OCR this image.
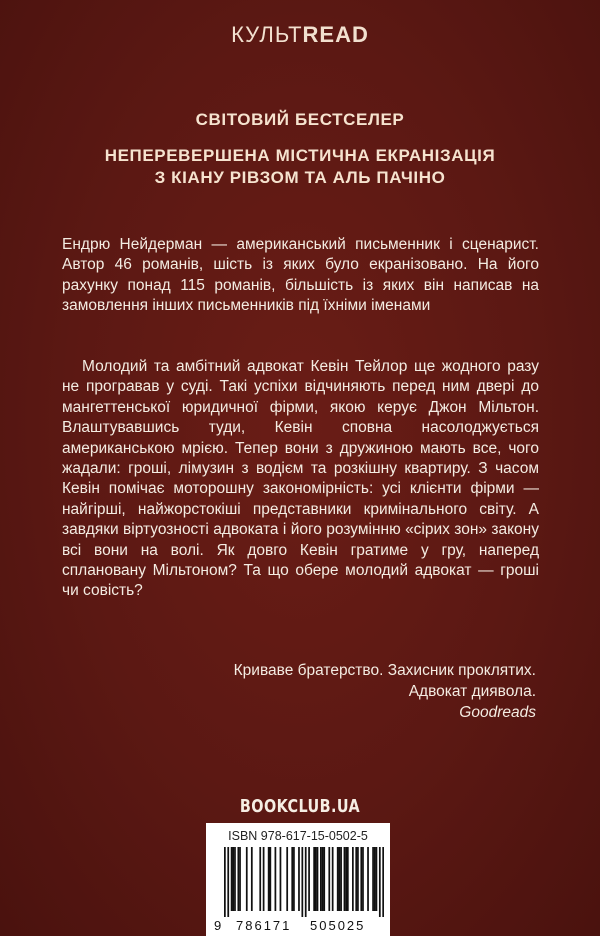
КУЛЬТREAD
СВІТОВИЙ БЕСТСЕЛЕР
НЕПЕРЕВЕРШЕНА МІСТИЧНА ЕКРАНІЗАЦІЯ
З КІАНУ РІВЗОМ ТА АЛЬ ПАЧІНО

Ендрю Нейдерман — американський письменник і сценарист. Автор 46 романів, шість із яких було екранізовано. На його рахунку понад 115 романів, більшість із яких він написав на замовлення інших письменників під їхніми іменами

Молодий та амбітний адвокат Кевін Тейлор ще жодного разу не програвав у суді. Такі успіхи відчиняють перед ним двері до мангеттенської юридичної фірми, якою керує Джон Мільтон. Влаштувавшись туди, Кевін сповна насолоджується американською мрією. Тепер вони з дружиною мають все, чого жадали: гроші, лімузин з водієм та розкішну квартиру. З часом Кевін помічає моторошну закономірність: усі клієнти фірми — найгірші, найжорстокіші представники кримінального світу. А завдяки віртуозності адвоката і його розумінню «сірих зон» закону всі вони на волі. Як довго Кевін гратиме у гру, наперед сплановану Мільтоном? Та що обере молодий адвокат — гроші чи совість?

Криваве братерство. Захисник проклятих.
Адвокат диявола.
Goodreads
BOOKCLUB.UA
ISBN 978-617-15-0502-5
9 786171 505025
